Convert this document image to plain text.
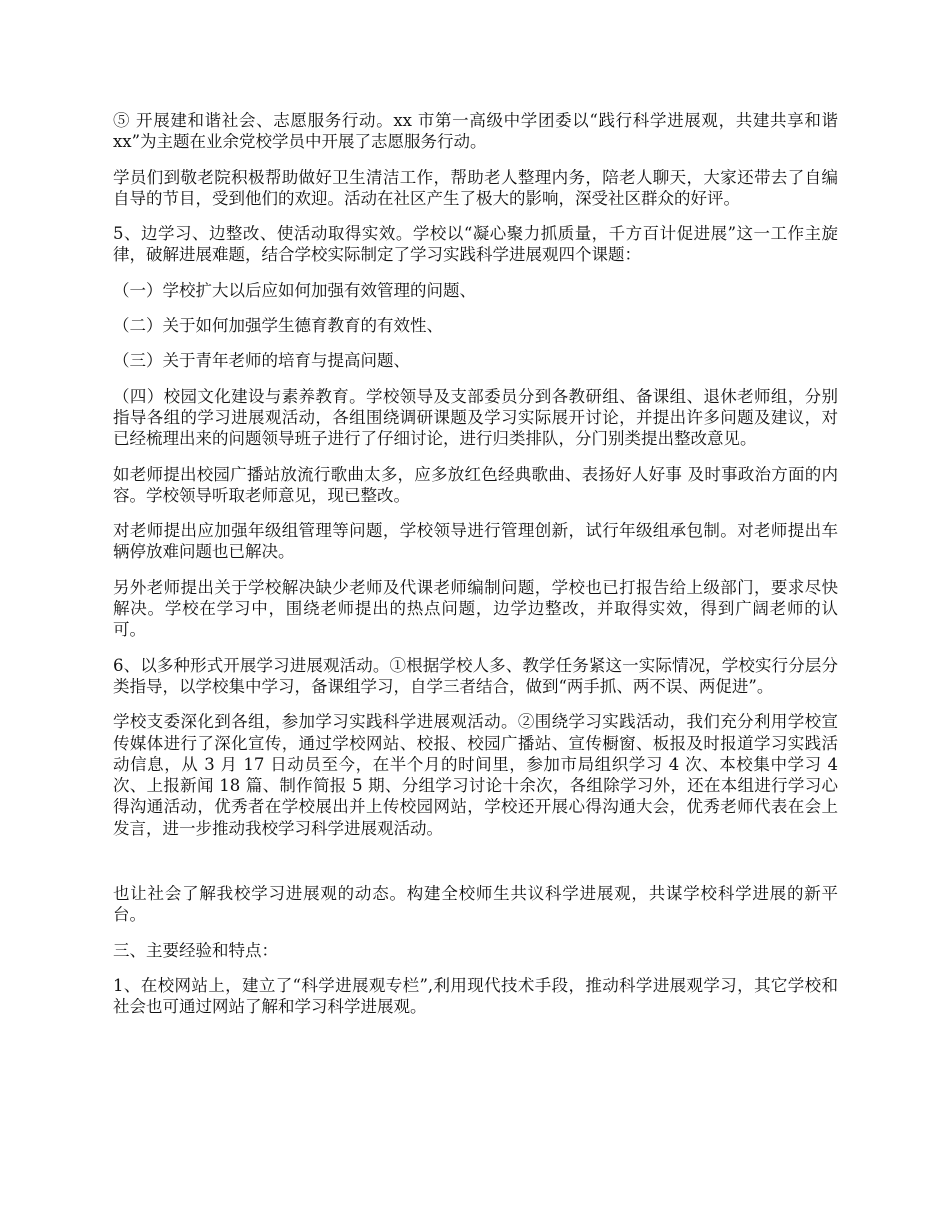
⑤ 开展建和谐社会、志愿服务行动。xx 市第一高级中学团委以“践行科学进展观，共建共享和谐 xx”为主题在业余党校学员中开展了志愿服务行动。

学员们到敬老院积极帮助做好卫生清洁工作，帮助老人整理内务，陪老人聊天，大家还带去了自编自导的节目，受到他们的欢迎。活动在社区产生了极大的影响，深受社区群众的好评。

5、边学习、边整改、使活动取得实效。学校以“凝心聚力抓质量，千方百计促进展”这一工作主旋律，破解进展难题，结合学校实际制定了学习实践科学进展观四个课题：

（一）学校扩大以后应如何加强有效管理的问题、

（二）关于如何加强学生德育教育的有效性、

（三）关于青年老师的培育与提高问题、

（四）校园文化建设与素养教育。学校领导及支部委员分到各教研组、备课组、退休老师组，分别指导各组的学习进展观活动，各组围绕调研课题及学习实际展开讨论，并提出许多问题及建议，对已经梳理出来的问题领导班子进行了仔细讨论，进行归类排队，分门别类提出整改意见。

如老师提出校园广播站放流行歌曲太多，应多放红色经典歌曲、表扬好人好事 及时事政治方面的内容。学校领导听取老师意见，现已整改。

对老师提出应加强年级组管理等问题，学校领导进行管理创新，试行年级组承包制。对老师提出车辆停放难问题也已解决。

另外老师提出关于学校解决缺少老师及代课老师编制问题，学校也已打报告给上级部门，要求尽快解决。学校在学习中，围绕老师提出的热点问题，边学边整改，并取得实效，得到广阔老师的认可。

6、以多种形式开展学习进展观活动。①根据学校人多、教学任务紧这一实际情况，学校实行分层分类指导，以学校集中学习，备课组学习，自学三者结合，做到“两手抓、两不误、两促进”。

学校支委深化到各组，参加学习实践科学进展观活动。②围绕学习实践活动，我们充分利用学校宣传媒体进行了深化宣传，通过学校网站、校报、校园广播站、宣传橱窗、板报及时报道学习实践活动信息，从 3 月 17 日动员至今，在半个月的时间里，参加市局组织学习 4 次、本校集中学习 4 次、上报新闻 18 篇、制作简报 5 期、分组学习讨论十余次，各组除学习外，还在本组进行学习心得沟通活动，优秀者在学校展出并上传校园网站，学校还开展心得沟通大会，优秀老师代表在会上发言，进一步推动我校学习科学进展观活动。

也让社会了解我校学习进展观的动态。构建全校师生共议科学进展观，共谋学校科学进展的新平台。

三、主要经验和特点：

1、在校网站上，建立了“科学进展观专栏”,利用现代技术手段，推动科学进展观学习，其它学校和社会也可通过网站了解和学习科学进展观。
